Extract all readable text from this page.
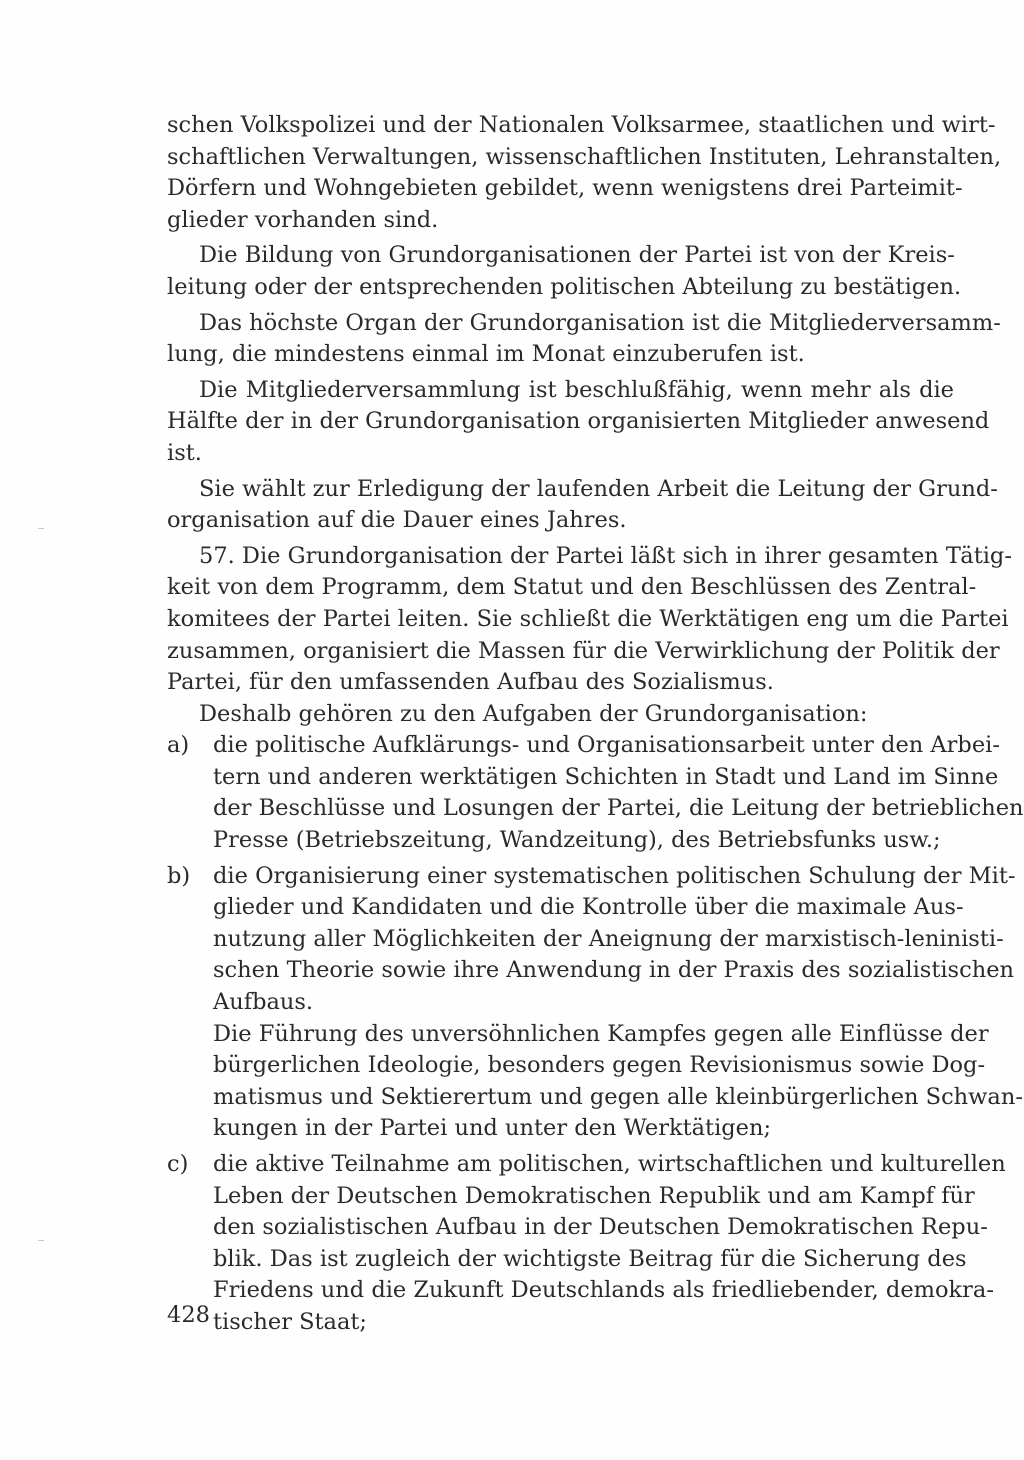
schen Volkspolizei und der Nationalen Volksarmee, staatlichen und wirt-
schaftlichen Verwaltungen, wissenschaftlichen Instituten, Lehranstalten,
Dörfern und Wohngebieten gebildet, wenn wenigstens drei Parteimit-
glieder vorhanden sind.
Die Bildung von Grundorganisationen der Partei ist von der Kreis-
leitung oder der entsprechenden politischen Abteilung zu bestätigen.
Das höchste Organ der Grundorganisation ist die Mitgliederversamm-
lung, die mindestens einmal im Monat einzuberufen ist.
Die Mitgliederversammlung ist beschlußfähig, wenn mehr als die
Hälfte der in der Grundorganisation organisierten Mitglieder anwesend
ist.
Sie wählt zur Erledigung der laufenden Arbeit die Leitung der Grund-
organisation auf die Dauer eines Jahres.
57. Die Grundorganisation der Partei läßt sich in ihrer gesamten Tätig-
keit von dem Programm, dem Statut und den Beschlüssen des Zentral-
komitees der Partei leiten. Sie schließt die Werktätigen eng um die Partei
zusammen, organisiert die Massen für die Verwirklichung der Politik der
Partei, für den umfassenden Aufbau des Sozialismus.
Deshalb gehören zu den Aufgaben der Grundorganisation:
a) die politische Aufklärungs- und Organisationsarbeit unter den Arbei-
tern und anderen werktätigen Schichten in Stadt und Land im Sinne
der Beschlüsse und Losungen der Partei, die Leitung der betrieblichen
Presse (Betriebszeitung, Wandzeitung), des Betriebsfunks usw.;
b) die Organisierung einer systematischen politischen Schulung der Mit-
glieder und Kandidaten und die Kontrolle über die maximale Aus-
nutzung aller Möglichkeiten der Aneignung der marxistisch-leninisti-
schen Theorie sowie ihre Anwendung in der Praxis des sozialistischen
Aufbaus.
Die Führung des unversöhnlichen Kampfes gegen alle Einflüsse der
bürgerlichen Ideologie, besonders gegen Revisionismus sowie Dog-
matismus und Sektierertum und gegen alle kleinbürgerlichen Schwan-
kungen in der Partei und unter den Werktätigen;
c) die aktive Teilnahme am politischen, wirtschaftlichen und kulturellen
Leben der Deutschen Demokratischen Republik und am Kampf für
den sozialistischen Aufbau in der Deutschen Demokratischen Repu-
blik. Das ist zugleich der wichtigste Beitrag für die Sicherung des
Friedens und die Zukunft Deutschlands als friedliebender, demokra-
tischer Staat;
428
